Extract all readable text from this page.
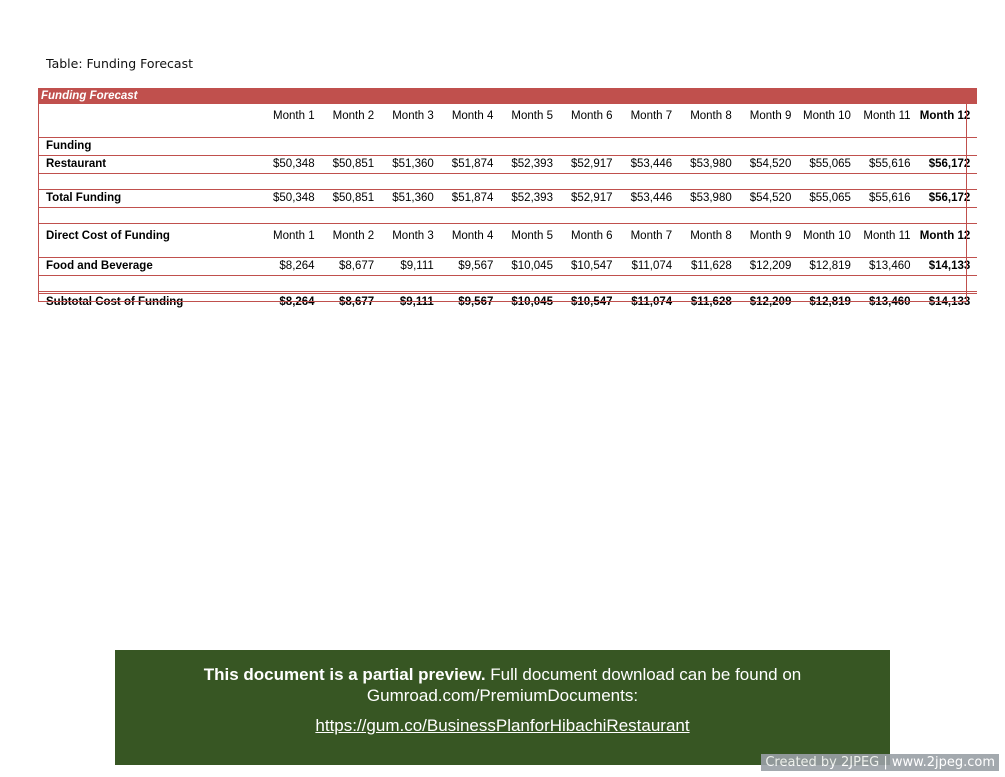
Table: Funding Forecast
Funding Forecast												
	Month 1	Month 2	Month 3	Month 4	Month 5	Month 6	Month 7	Month 8	Month 9	Month 10	Month 11	Month 12
Funding												
Restaurant	$50,348	$50,851	$51,360	$51,874	$52,393	$52,917	$53,446	$53,980	$54,520	$55,065	$55,616	$56,172

Total Funding	$50,348	$50,851	$51,360	$51,874	$52,393	$52,917	$53,446	$53,980	$54,520	$55,065	$55,616	$56,172

Direct Cost of Funding	Month 1	Month 2	Month 3	Month 4	Month 5	Month 6	Month 7	Month 8	Month 9	Month 10	Month 11	Month 12
Food and Beverage	$8,264	$8,677	$9,111	$9,567	$10,045	$10,547	$11,074	$11,628	$12,209	$12,819	$13,460	$14,133

Subtotal Cost of Funding	$8,264	$8,677	$9,111	$9,567	$10,045	$10,547	$11,074	$11,628	$12,209	$12,819	$13,460	$14,133
This document is a partial preview. Full document download can be found on Gumroad.com/PremiumDocuments:
https://gum.co/BusinessPlanforHibachiRestaurant
Created by 2JPEG | www.2jpeg.com
